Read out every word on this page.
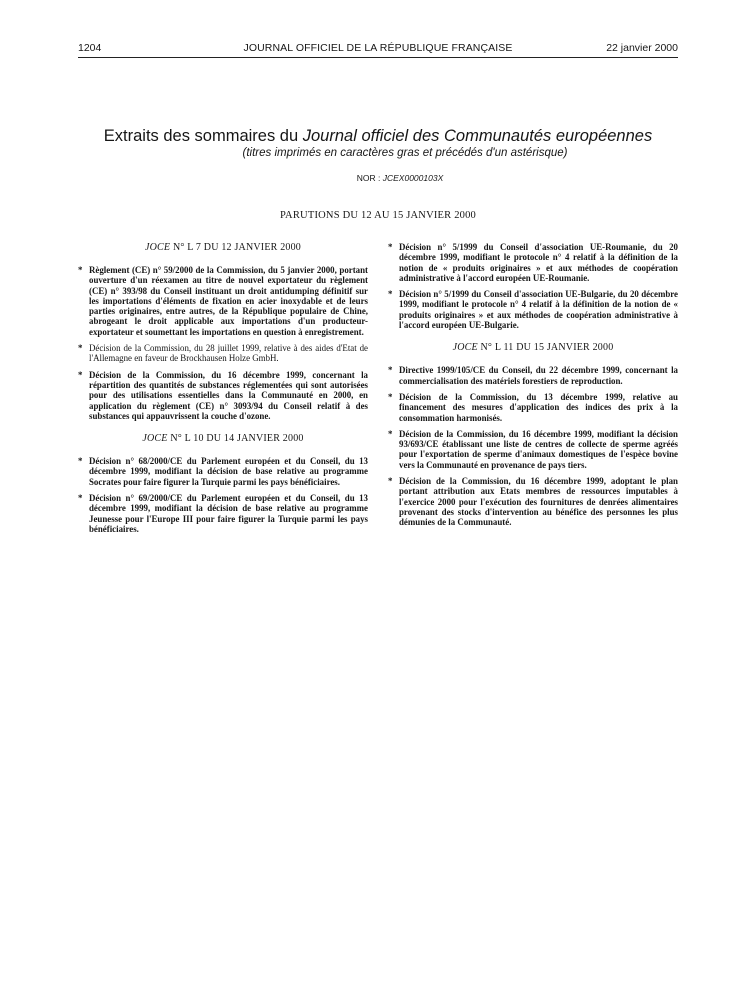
1204	JOURNAL OFFICIEL DE LA RÉPUBLIQUE FRANÇAISE	22 janvier 2000
Extraits des sommaires du Journal officiel des Communautés européennes
(titres imprimés en caractères gras et précédés d'un astérisque)
NOR : JCEX0000103X
PARUTIONS DU 12 AU 15 JANVIER 2000
JOCE N° L 7 DU 12 JANVIER 2000
* Règlement (CE) n° 59/2000 de la Commission, du 5 janvier 2000, portant ouverture d'un réexamen au titre de nouvel exportateur du règlement (CE) n° 393/98 du Conseil instituant un droit antidumping définitif sur les importations d'éléments de fixation en acier inoxydable et de leurs parties originaires, entre autres, de la République populaire de Chine, abrogeant le droit applicable aux importations d'un producteur-exportateur et soumettant les importations en question à enregistrement.
* Décision de la Commission, du 28 juillet 1999, relative à des aides d'Etat de l'Allemagne en faveur de Brockhausen Holze GmbH.
* Décision de la Commission, du 16 décembre 1999, concernant la répartition des quantités de substances réglementées qui sont autorisées pour des utilisations essentielles dans la Communauté en 2000, en application du règlement (CE) n° 3093/94 du Conseil relatif à des substances qui appauvrissent la couche d'ozone.
JOCE N° L 10 DU 14 JANVIER 2000
* Décision n° 68/2000/CE du Parlement européen et du Conseil, du 13 décembre 1999, modifiant la décision de base relative au programme Socrates pour faire figurer la Turquie parmi les pays bénéficiaires.
* Décision n° 69/2000/CE du Parlement européen et du Conseil, du 13 décembre 1999, modifiant la décision de base relative au programme Jeunesse pour l'Europe III pour faire figurer la Turquie parmi les pays bénéficiaires.
* Décision n° 5/1999 du Conseil d'association UE-Roumanie, du 20 décembre 1999, modifiant le protocole n° 4 relatif à la définition de la notion de « produits originaires » et aux méthodes de coopération administrative à l'accord européen UE-Roumanie.
* Décision n° 5/1999 du Conseil d'association UE-Bulgarie, du 20 décembre 1999, modifiant le protocole n° 4 relatif à la définition de la notion de « produits originaires » et aux méthodes de coopération administrative à l'accord européen UE-Bulgarie.
JOCE N° L 11 DU 15 JANVIER 2000
* Directive 1999/105/CE du Conseil, du 22 décembre 1999, concernant la commercialisation des matériels forestiers de reproduction.
* Décision de la Commission, du 13 décembre 1999, relative au financement des mesures d'application des indices des prix à la consommation harmonisés.
* Décision de la Commission, du 16 décembre 1999, modifiant la décision 93/693/CE établissant une liste de centres de collecte de sperme agréés pour l'exportation de sperme d'animaux domestiques de l'espèce bovine vers la Communauté en provenance de pays tiers.
* Décision de la Commission, du 16 décembre 1999, adoptant le plan portant attribution aux Etats membres de ressources imputables à l'exercice 2000 pour l'exécution des fournitures de denrées alimentaires provenant des stocks d'intervention au bénéfice des personnes les plus démunies de la Communauté.
